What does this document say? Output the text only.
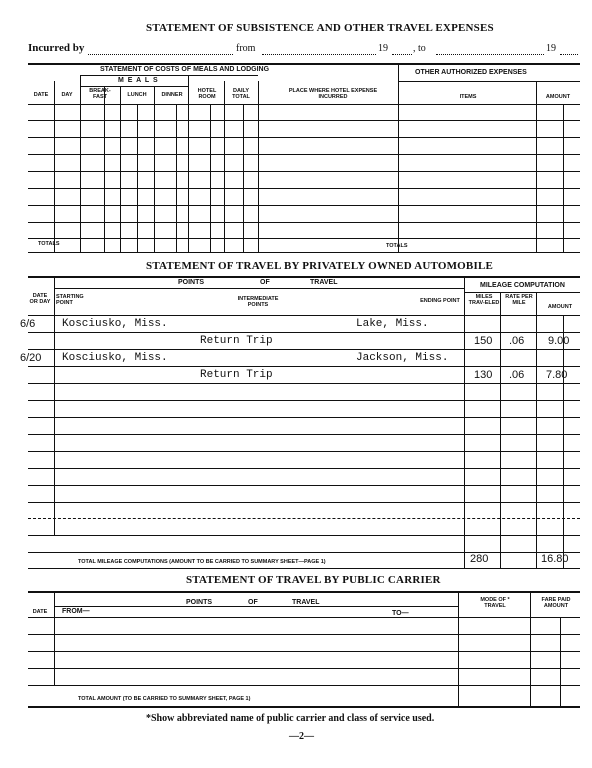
STATEMENT OF SUBSISTENCE AND OTHER TRAVEL EXPENSES
Incurred by	from	19	, to	19
STATEMENT OF COSTS OF MEALS AND LODGING	OTHER AUTHORIZED EXPENSES
M E A L S
DATE	DAY
BREAK-FAST	LUNCH	DINNER
HOTEL ROOM
DAILY TOTAL
PLACE WHERE HOTEL EXPENSE INCURRED	ITEMS	AMOUNT
TOTALS	TOTALS
STATEMENT OF TRAVEL BY PRIVATELY OWNED AUTOMOBILE
POINTS	OF	TRAVEL	MILEAGE COMPUTATION
DATE OR DAY
STARTING POINT
INTERMEDIATE POINTS
ENDING POINT
MILES TRAV-ELED
RATE PER MILE
AMOUNT
6/6 Kosciusko, Miss.	Lake, Miss.
Return Trip	150 .06 9.00
6/20 Kosciusko, Miss.	Jackson, Miss.
Return Trip	130 .06 7.80
TOTAL MILEAGE COMPUTATIONS (AMOUNT TO BE CARRIED TO SUMMARY SHEET—PAGE 1)	280	16.80
STATEMENT OF TRAVEL BY PUBLIC CARRIER
POINTS	OF	TRAVEL
DATE	FROM—	TO—
MODE OF * TRAVEL
FARE PAID AMOUNT
TOTAL AMOUNT (TO BE CARRIED TO SUMMARY SHEET, PAGE 1)
*Show abbreviated name of public carrier and class of service used.
—2—
